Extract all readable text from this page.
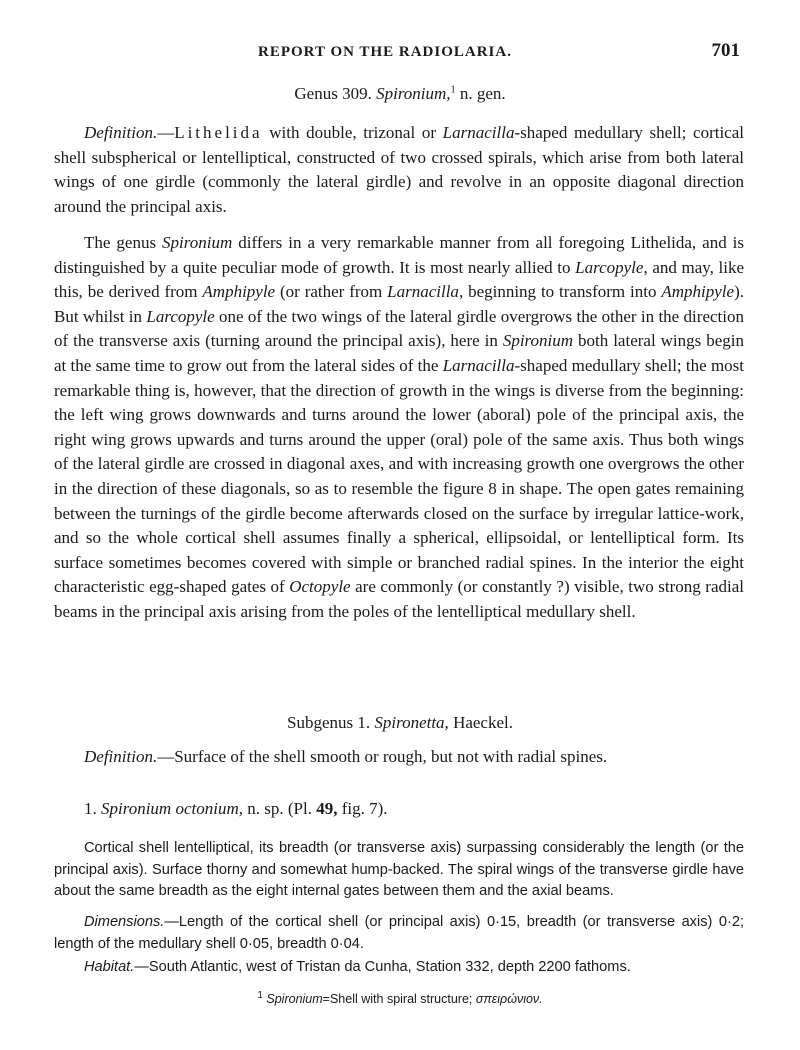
REPORT ON THE RADIOLARIA.	701
Genus 309. Spironium,$^1$ n. gen.
Definition.—Lithelida with double, trizonal or Larnacilla-shaped medullary shell; cortical shell subspherical or lentelliptical, constructed of two crossed spirals, which arise from both lateral wings of one girdle (commonly the lateral girdle) and revolve in an opposite diagonal direction around the principal axis.
The genus Spironium differs in a very remarkable manner from all foregoing Lithelida, and is distinguished by a quite peculiar mode of growth. It is most nearly allied to Larcopyle, and may, like this, be derived from Amphipyle (or rather from Larnacilla, beginning to transform into Amphipyle). But whilst in Larcopyle one of the two wings of the lateral girdle overgrows the other in the direction of the transverse axis (turning around the principal axis), here in Spironium both lateral wings begin at the same time to grow out from the lateral sides of the Larnacilla-shaped medullary shell; the most remarkable thing is, however, that the direction of growth in the wings is diverse from the beginning: the left wing grows downwards and turns around the lower (aboral) pole of the principal axis, the right wing grows upwards and turns around the upper (oral) pole of the same axis. Thus both wings of the lateral girdle are crossed in diagonal axes, and with increasing growth one overgrows the other in the direction of these diagonals, so as to resemble the figure 8 in shape. The open gates remaining between the turnings of the girdle become afterwards closed on the surface by irregular lattice-work, and so the whole cortical shell assumes finally a spherical, ellipsoidal, or lentelliptical form. Its surface sometimes becomes covered with simple or branched radial spines. In the interior the eight characteristic egg-shaped gates of Octopyle are commonly (or constantly ?) visible, two strong radial beams in the principal axis arising from the poles of the lentelliptical medullary shell.
Subgenus 1. Spironetta, Haeckel.
Definition.—Surface of the shell smooth or rough, but not with radial spines.
1. Spironium octonium, n. sp. (Pl. 49, fig. 7).
Cortical shell lentelliptical, its breadth (or transverse axis) surpassing considerably the length (or the principal axis). Surface thorny and somewhat hump-backed. The spiral wings of the transverse girdle have about the same breadth as the eight internal gates between them and the axial beams.
Dimensions.—Length of the cortical shell (or principal axis) 0·15, breadth (or transverse axis) 0·2; length of the medullary shell 0·05, breadth 0·04.
Habitat.—South Atlantic, west of Tristan da Cunha, Station 332, depth 2200 fathoms.
$^1$ Spironium=Shell with spiral structure; σπειρώνιον.
